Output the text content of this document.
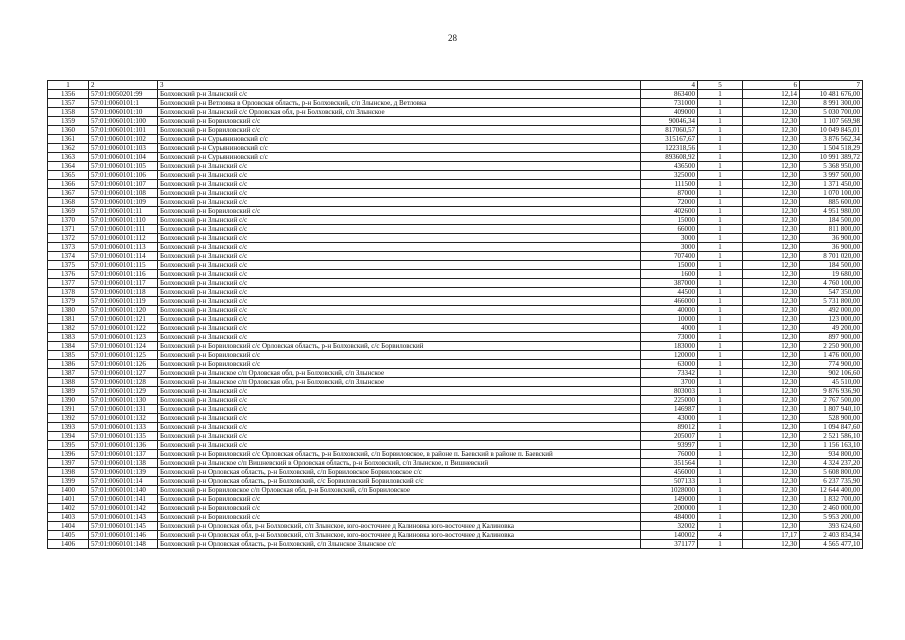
28
1	2	3	4	5	6	7
1356	57:01:0050201:99	Болховский р-н Злынский с/с	863400	1	12,14	10 481 676,00
1357	57:01:0060101:1	Болховский р-н Ветловка в Орловская область, р-н Болховский, с/п Злынское, д Ветловка	731000	1	12,30	8 991 300,00
1358	57:01:0060101:10	Болховский р-н Злынский с/с Орловская обл, р-н Болховский, с/п Злынское	409000	1	12,30	5 030 700,00
1359	57:01:0060101:100	Болховский р-н Борвиловский с/с	90046,34	1	12,30	1 107 569,98
1360	57:01:0060101:101	Болховский р-н Борвиловский с/с	817060,57	1	12,30	10 049 845,01
1361	57:01:0060101:102	Болховский р-н Сурьяниновский с/с	315167,67	1	12,30	3 876 562,34
1362	57:01:0060101:103	Болховский р-н Сурьяниновский с/с	122318,56	1	12,30	1 504 518,29
1363	57:01:0060101:104	Болховский р-н Сурьяниновский с/с	893608,92	1	12,30	10 991 389,72
1364	57:01:0060101:105	Болховский р-н Злынский с/с	436500	1	12,30	5 368 950,00
1365	57:01:0060101:106	Болховский р-н Злынский с/с	325000	1	12,30	3 997 500,00
1366	57:01:0060101:107	Болховский р-н Злынский с/с	111500	1	12,30	1 371 450,00
1367	57:01:0060101:108	Болховский р-н Злынский с/с	87000	1	12,30	1 070 100,00
1368	57:01:0060101:109	Болховский р-н Злынский с/с	72000	1	12,30	885 600,00
1369	57:01:0060101:11	Болховский р-н Борвиловский с/с	402600	1	12,30	4 951 980,00
1370	57:01:0060101:110	Болховский р-н Злынский с/с	15000	1	12,30	184 500,00
1371	57:01:0060101:111	Болховский р-н Злынский с/с	66000	1	12,30	811 800,00
1372	57:01:0060101:112	Болховский р-н Злынский с/с	3000	1	12,30	36 900,00
1373	57:01:0060101:113	Болховский р-н Злынский с/с	3000	1	12,30	36 900,00
1374	57:01:0060101:114	Болховский р-н Злынский с/с	707400	1	12,30	8 701 020,00
1375	57:01:0060101:115	Болховский р-н Злынский с/с	15000	1	12,30	184 500,00
1376	57:01:0060101:116	Болховский р-н Злынский с/с	1600	1	12,30	19 680,00
1377	57:01:0060101:117	Болховский р-н Злынский с/с	387000	1	12,30	4 760 100,00
1378	57:01:0060101:118	Болховский р-н Злынский с/с	44500	1	12,30	547 350,00
1379	57:01:0060101:119	Болховский р-н Злынский с/с	466000	1	12,30	5 731 800,00
1380	57:01:0060101:120	Болховский р-н Злынский с/с	40000	1	12,30	492 000,00
1381	57:01:0060101:121	Болховский р-н Злынский с/с	10000	1	12,30	123 000,00
1382	57:01:0060101:122	Болховский р-н Злынский с/с	4000	1	12,30	49 200,00
1383	57:01:0060101:123	Болховский р-н Злынский с/с	73000	1	12,30	897 900,00
1384	57:01:0060101:124	Болховский р-н Борвиловский с/с Орловская область, р-н Болховский, с/с Борвиловский	183000	1	12,30	2 250 900,00
1385	57:01:0060101:125	Болховский р-н Борвиловский с/с	120000	1	12,30	1 476 000,00
1386	57:01:0060101:126	Болховский р-н Борвиловский с/с	63000	1	12,30	774 900,00
1387	57:01:0060101:127	Болховский р-н Злынское с/п Орловская обл, р-н Болховский, с/п Злынское	73342	1	12,30	902 106,60
1388	57:01:0060101:128	Болховский р-н Злынское с/п Орловская обл, р-н Болховский, с/п Злынское	3700	1	12,30	45 510,00
1389	57:01:0060101:129	Болховский р-н Злынский с/с	803003	1	12,30	9 876 936,90
1390	57:01:0060101:130	Болховский р-н Злынский с/с	225000	1	12,30	2 767 500,00
1391	57:01:0060101:131	Болховский р-н Злынский с/с	146987	1	12,30	1 807 940,10
1392	57:01:0060101:132	Болховский р-н Злынский с/с	43000	1	12,30	528 900,00
1393	57:01:0060101:133	Болховский р-н Злынский с/с	89012	1	12,30	1 094 847,60
1394	57:01:0060101:135	Болховский р-н Злынский с/с	205007	1	12,30	2 521 586,10
1395	57:01:0060101:136	Болховский р-н Злынский с/с	93997	1	12,30	1 156 163,10
1396	57:01:0060101:137	Болховский р-н Борвиловский с/с Орловская область, р-н Болховский, с/п Борвиловское, в районе п. Баевский в районе п. Баевский	76000	1	12,30	934 800,00
1397	57:01:0060101:138	Болховский р-н Злынское с/п Вишневский в Орловская область, р-н Болховский, с/п Злынское, п Вишневский	351564	1	12,30	4 324 237,20
1398	57:01:0060101:139	Болховский р-н Орловская область, р-н Болховский, с/п Борвиловское Борвиловское с/с	456000	1	12,30	5 608 800,00
1399	57:01:0060101:14	Болховский р-н Орловская область, р-н Болховский, с/с Борвиловский Борвиловский с/с	507133	1	12,30	6 237 735,90
1400	57:01:0060101:140	Болховский р-н Борвиловское с/п Орловская обл, р-н Болховский, с/п Борвиловское	1028000	1	12,30	12 644 400,00
1401	57:01:0060101:141	Болховский р-н Борвиловский с/с	149000	1	12,30	1 832 700,00
1402	57:01:0060101:142	Болховский р-н Борвиловский с/с	200000	1	12,30	2 460 000,00
1403	57:01:0060101:143	Болховский р-н Борвиловский с/с	484000	1	12,30	5 953 200,00
1404	57:01:0060101:145	Болховский р-н Орловская обл, р-н Болховский, с/п Злынское, юго-восточнее д Калиновка юго-восточнее д Калиновка	32002	1	12,30	393 624,60
1405	57:01:0060101:146	Болховский р-н Орловская обл, р-н Болховский, с/п Злынское, юго-восточнее д Калиновка юго-восточнее д Калиновка	140002	4	17,17	2 403 834,34
1406	57:01:0060101:148	Болховский р-н Орловская область, р-н Болховский, с/п Злынское Злынское с/с	371177	1	12,30	4 565 477,10
